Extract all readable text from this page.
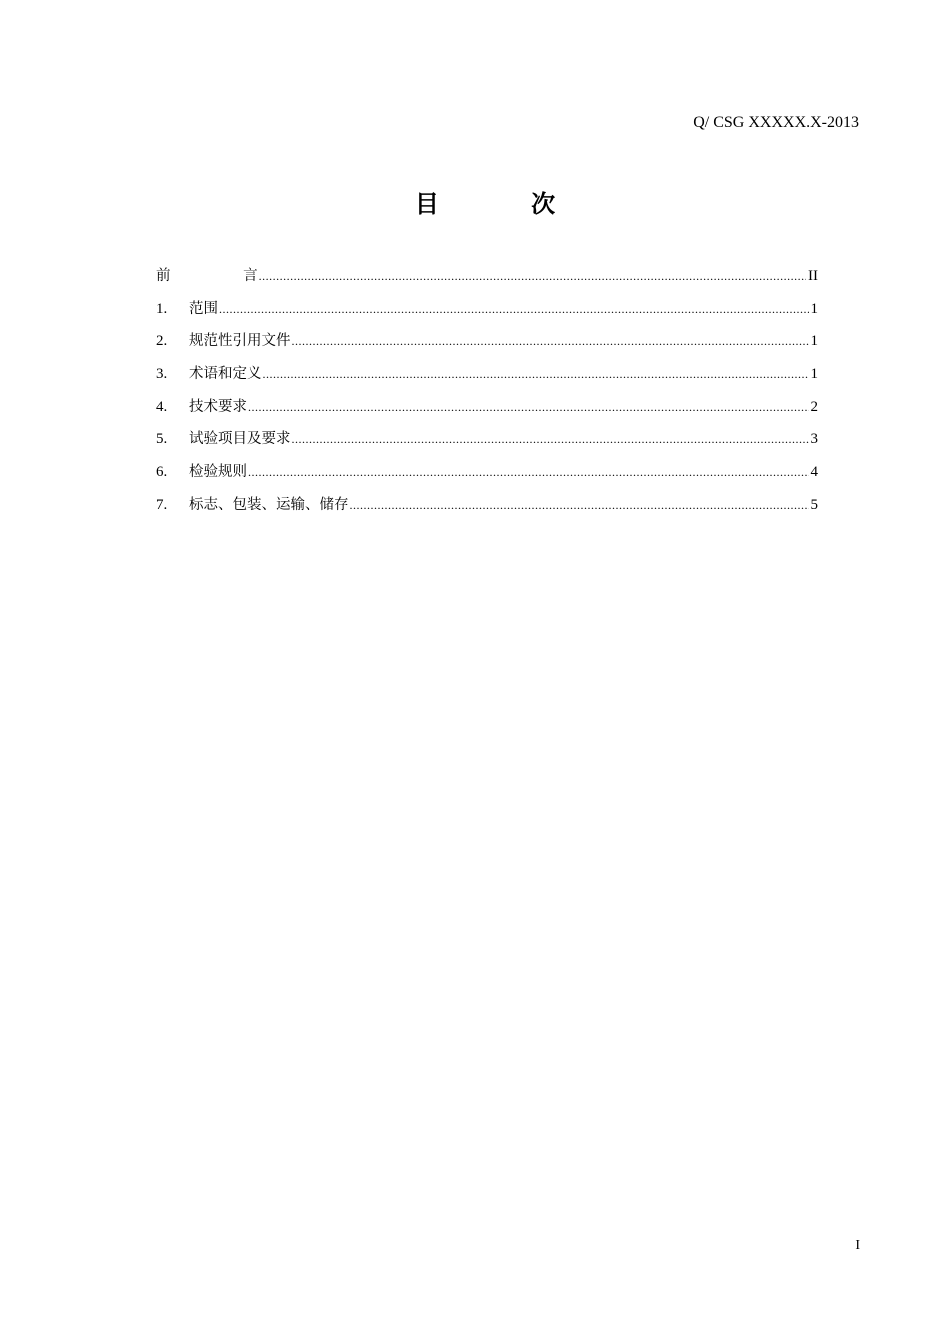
Q/ CSG XXXXX.X-2013
目 次
前 言 .....	II
1.	范围 .....	1
2.	规范性引用文件 .....	1
3.	术语和定义 .....	1
4.	技术要求 .....	2
5.	试验项目及要求 .....	3
6.	检验规则 .....	4
7.	标志、包装、运输、储存 .....	5
I
